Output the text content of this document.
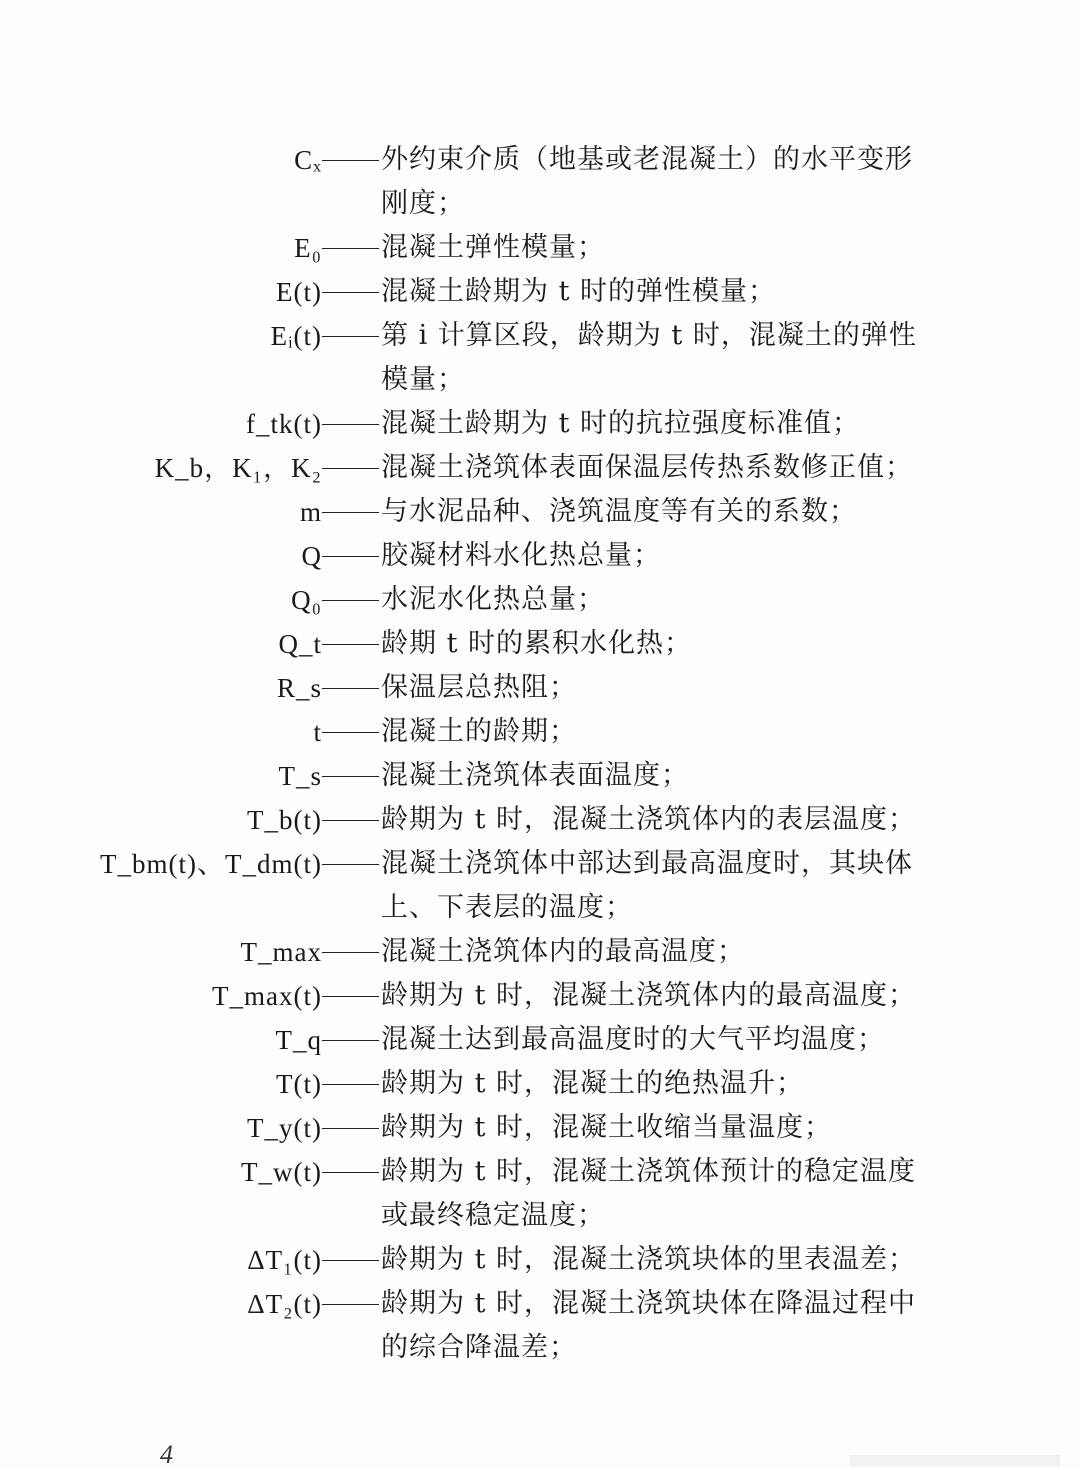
Cₓ 外约束介质（地基或老混凝土）的水平变形刚度；
E₀ 混凝土弹性模量；
E(t) 混凝土龄期为 t 时的弹性模量；
Eᵢ(t) 第 i 计算区段，龄期为 t 时，混凝土的弹性模量；
f_tk(t) 混凝土龄期为 t 时的抗拉强度标准值；
K_b，K₁，K₂ 混凝土浇筑体表面保温层传热系数修正值；
m 与水泥品种、浇筑温度等有关的系数；
Q 胶凝材料水化热总量；
Q₀ 水泥水化热总量；
Q_t 龄期 t 时的累积水化热；
R_s 保温层总热阻；
t 混凝土的龄期；
T_s 混凝土浇筑体表面温度；
T_b(t) 龄期为 t 时，混凝土浇筑体内的表层温度；
T_bm(t)、T_dm(t) 混凝土浇筑体中部达到最高温度时，其块体上、下表层的温度；
T_max 混凝土浇筑体内的最高温度；
T_max(t) 龄期为 t 时，混凝土浇筑体内的最高温度；
T_q 混凝土达到最高温度时的大气平均温度；
T(t) 龄期为 t 时，混凝土的绝热温升；
T_y(t) 龄期为 t 时，混凝土收缩当量温度；
T_w(t) 龄期为 t 时，混凝土浇筑体预计的稳定温度或最终稳定温度；
ΔT₁(t) 龄期为 t 时，混凝土浇筑块体的里表温差；
ΔT₂(t) 龄期为 t 时，混凝土浇筑块体在降温过程中的综合降温差；
4
